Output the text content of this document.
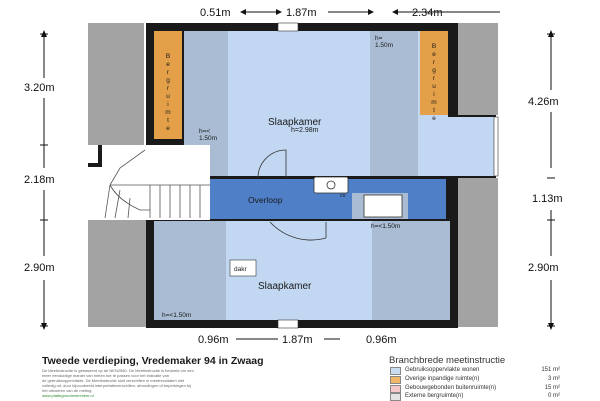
0.51m	1.87m	2.34m
0.96m	1.87m	0.96m
3.20m
2.18m
2.90m
4.26m
1.13m
2.90m
Slaapkamer
h=2.98m
Overloop
Slaapkamer
dakr
cv
h=
1.50m
h=<
1.50m
h=<1.50m
h=<1.50m
B
e
r
g
r
u
i
m
t
e
B
e
r
g
r
u
i
m
t
e
Tweede verdieping, Vredemaker 94 in Zwaag
De Meetinstructie is gebaseerd op de NEN2580. De Meetinstructie is bedoeld om een
meer eenduidige manier van meten toe te passen voor het indicatie van
de gebruiksoppervlakte. De Meetinstructie sluit verschillen in meetresultaten niet
volledig uit, door bijvoorbeeld interpretatieverschillen, afrondingen of beperkingen bij
het uitvoeren van de meting.
www.plattegrondenenmeer.nl
Branchbrede meetinstructie
Gebruiksoppervlakte wonen	151 m²
Overige inpandige ruimte(n)	3 m²
Gebouwgebonden buitenruimte(n)	15 m²
Externe bergruimte(n)	0 m²
